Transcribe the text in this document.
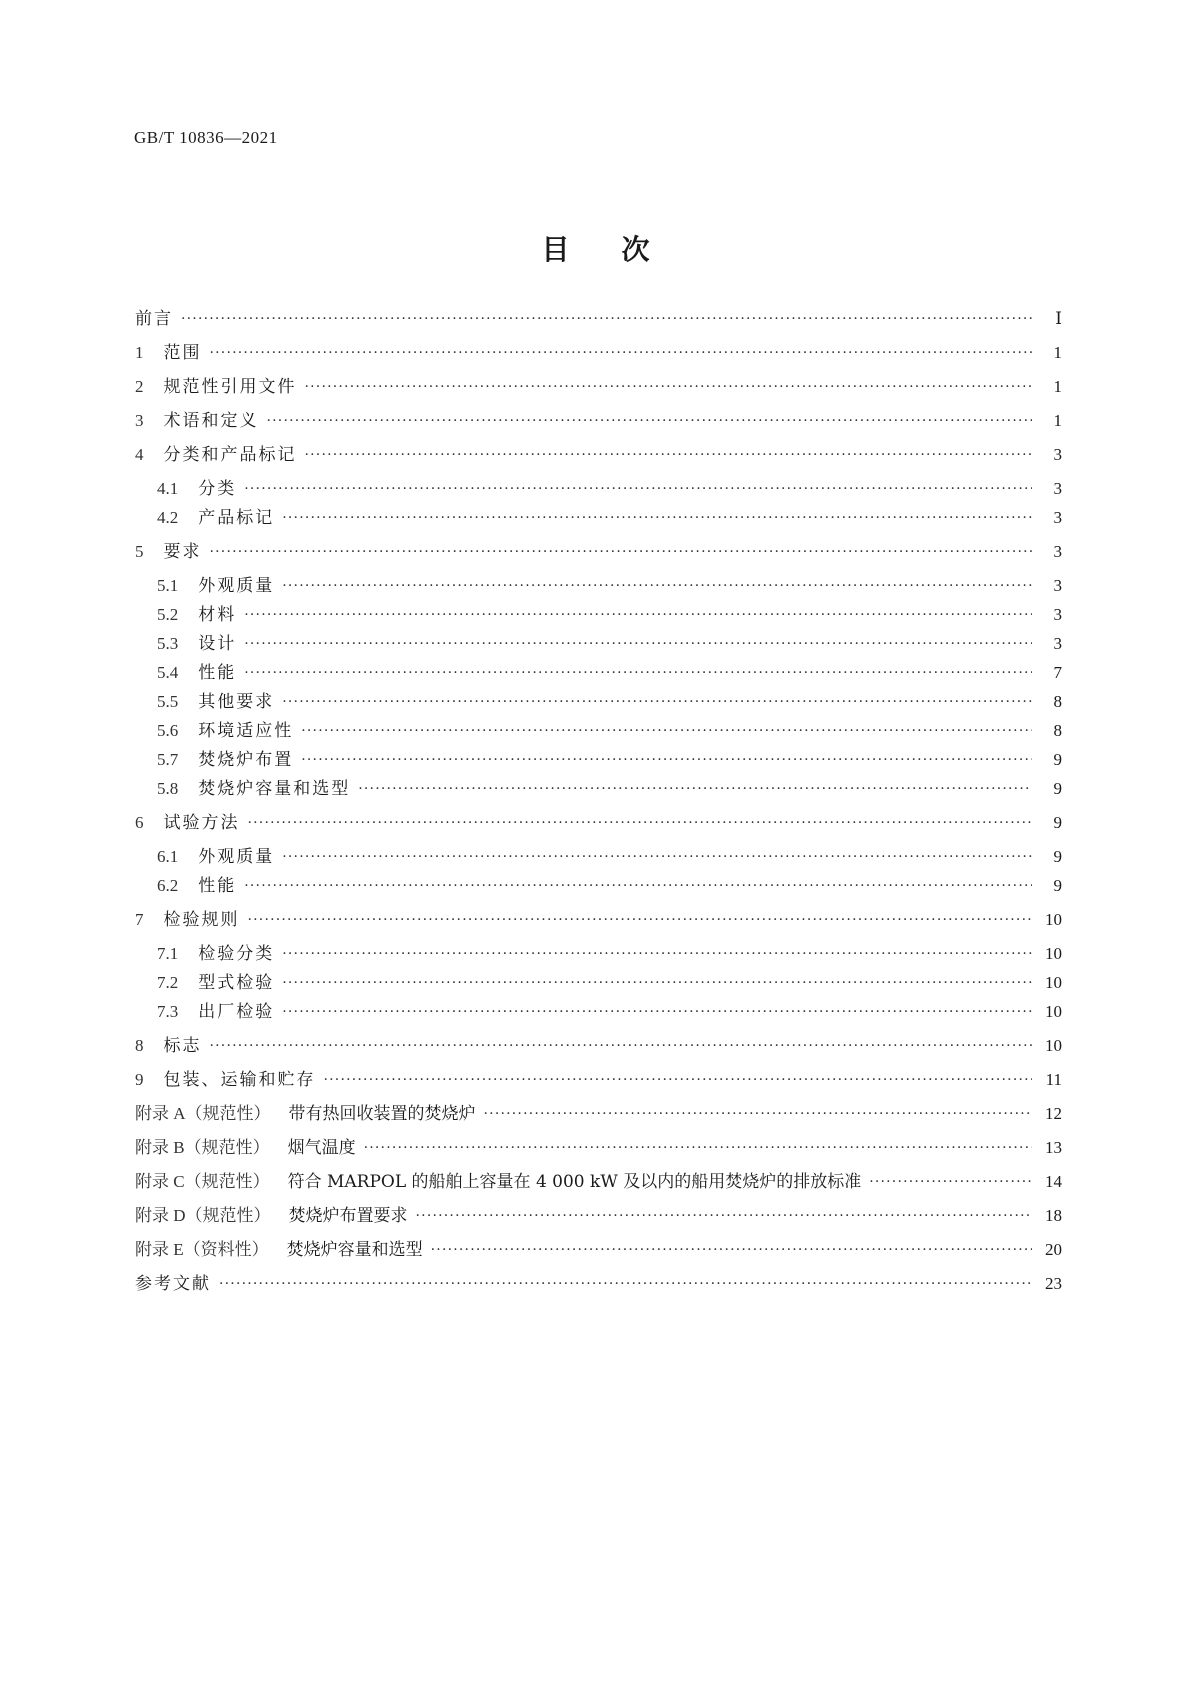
GB/T 10836—2021
目次
前言 ·····	Ⅰ
1 范围 ·····	1
2 规范性引用文件 ·····	1
3 术语和定义 ·····	1
4 分类和产品标记 ·····	3
4.1 分类 ·····	3
4.2 产品标记 ·····	3
5 要求 ·····	3
5.1 外观质量 ·····	3
5.2 材料 ·····	3
5.3 设计 ·····	3
5.4 性能 ·····	7
5.5 其他要求 ·····	8
5.6 环境适应性 ·····	8
5.7 焚烧炉布置 ·····	9
5.8 焚烧炉容量和选型 ·····	9
6 试验方法 ·····	9
6.1 外观质量 ·····	9
6.2 性能 ·····	9
7 检验规则 ·····	10
7.1 检验分类 ·····	10
7.2 型式检验 ·····	10
7.3 出厂检验 ·····	10
8 标志 ·····	10
9 包装、运输和贮存 ·····	11
附录 A（规范性） 带有热回收装置的焚烧炉 ·····	12
附录 B（规范性） 烟气温度 ·····	13
附录 C（规范性） 符合 MARPOL 的船舶上容量在 4 000 kW 及以内的船用焚烧炉的排放标准 ·····	14
附录 D（规范性） 焚烧炉布置要求 ·····	18
附录 E（资料性） 焚烧炉容量和选型 ·····	20
参考文献 ·····	23
